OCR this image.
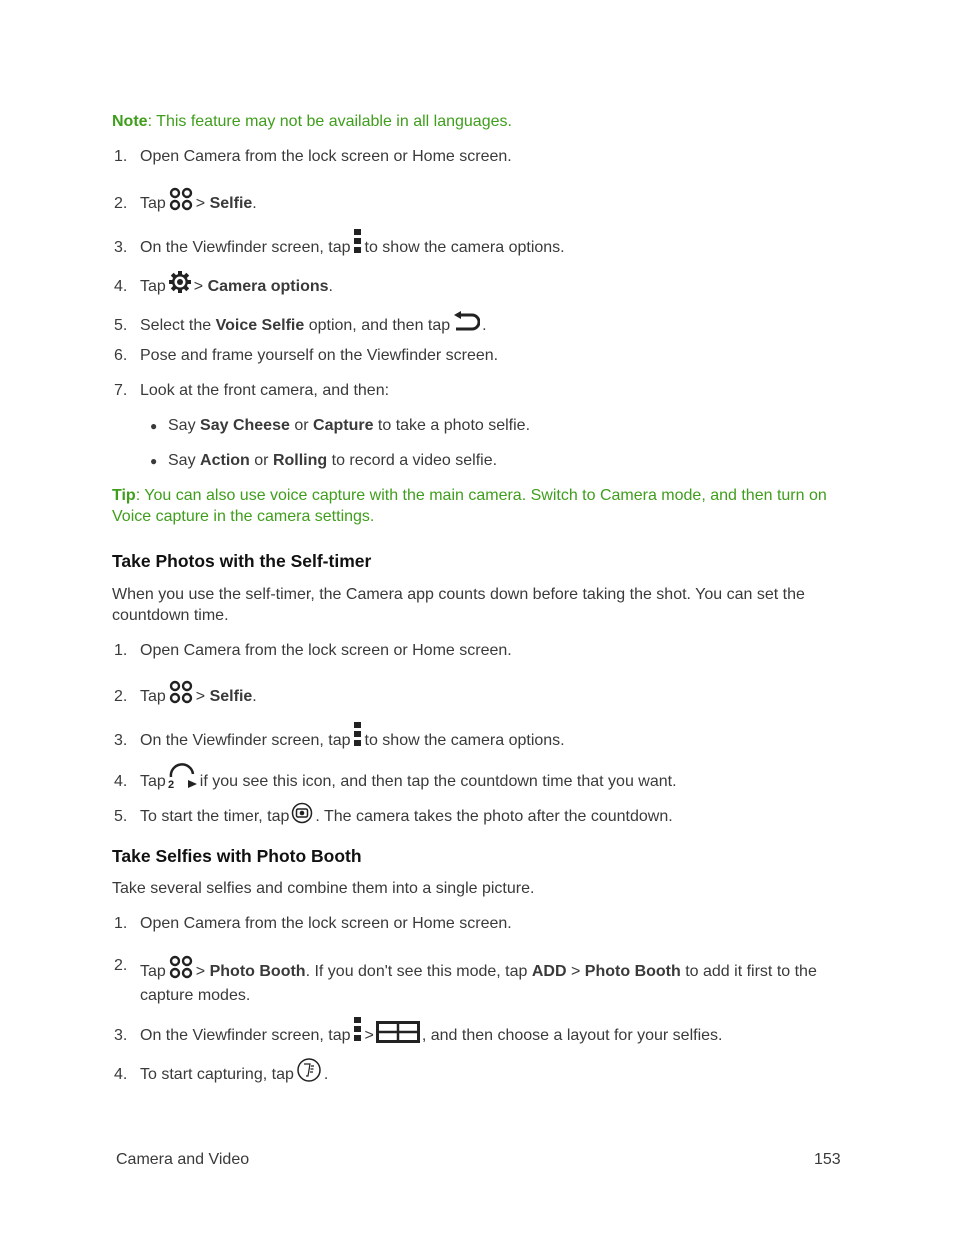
Note: This feature may not be available in all languages.
1. Open Camera from the lock screen or Home screen.
2. Tap > Selfie.
3. On the Viewfinder screen, tap to show the camera options.
4. Tap > Camera options.
5. Select the Voice Selfie option, and then tap .
6. Pose and frame yourself on the Viewfinder screen.
7. Look at the front camera, and then:
● Say Say Cheese or Capture to take a photo selfie.
● Say Action or Rolling to record a video selfie.
Tip: You can also use voice capture with the main camera. Switch to Camera mode, and then turn on Voice capture in the camera settings.
Take Photos with the Self-timer
When you use the self-timer, the Camera app counts down before taking the shot. You can set the countdown time.
1. Open Camera from the lock screen or Home screen.
2. Tap > Selfie.
3. On the Viewfinder screen, tap to show the camera options.
4. Tap 2 if you see this icon, and then tap the countdown time that you want.
5. To start the timer, tap . The camera takes the photo after the countdown.
Take Selfies with Photo Booth
Take several selfies and combine them into a single picture.
1. Open Camera from the lock screen or Home screen.
2. Tap > Photo Booth. If you don't see this mode, tap ADD > Photo Booth to add it first to the capture modes.
3. On the Viewfinder screen, tap >	, and then choose a layout for your selfies.
4. To start capturing, tap .
Camera and Video	153
